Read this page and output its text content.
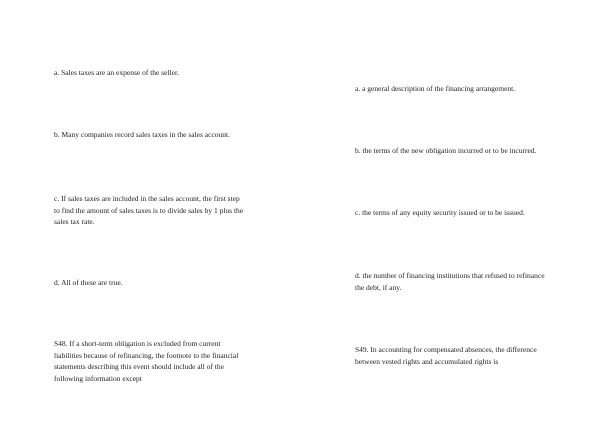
a. Sales taxes are an expense of the seller.

b. Many companies record sales taxes in the sales account.

c. If sales taxes are included in the sales account, the first step
to find the amount of sales taxes is to divide sales by 1 plus the
sales tax rate.

d. All of these are true.

S48. If a short-term obligation is excluded from current
liabilities because of refinancing, the footnote to the financial
statements describing this event should include all of the
following information except

a. a general description of the financing arrangement.

b. the terms of the new obligation incurred or to be incurred.

c. the terms of any equity security issued or to be issued.

d. the number of financing institutions that refused to refinance
the debt, if any.

S49. In accounting for compensated absences, the difference
between vested rights and accumulated rights is
